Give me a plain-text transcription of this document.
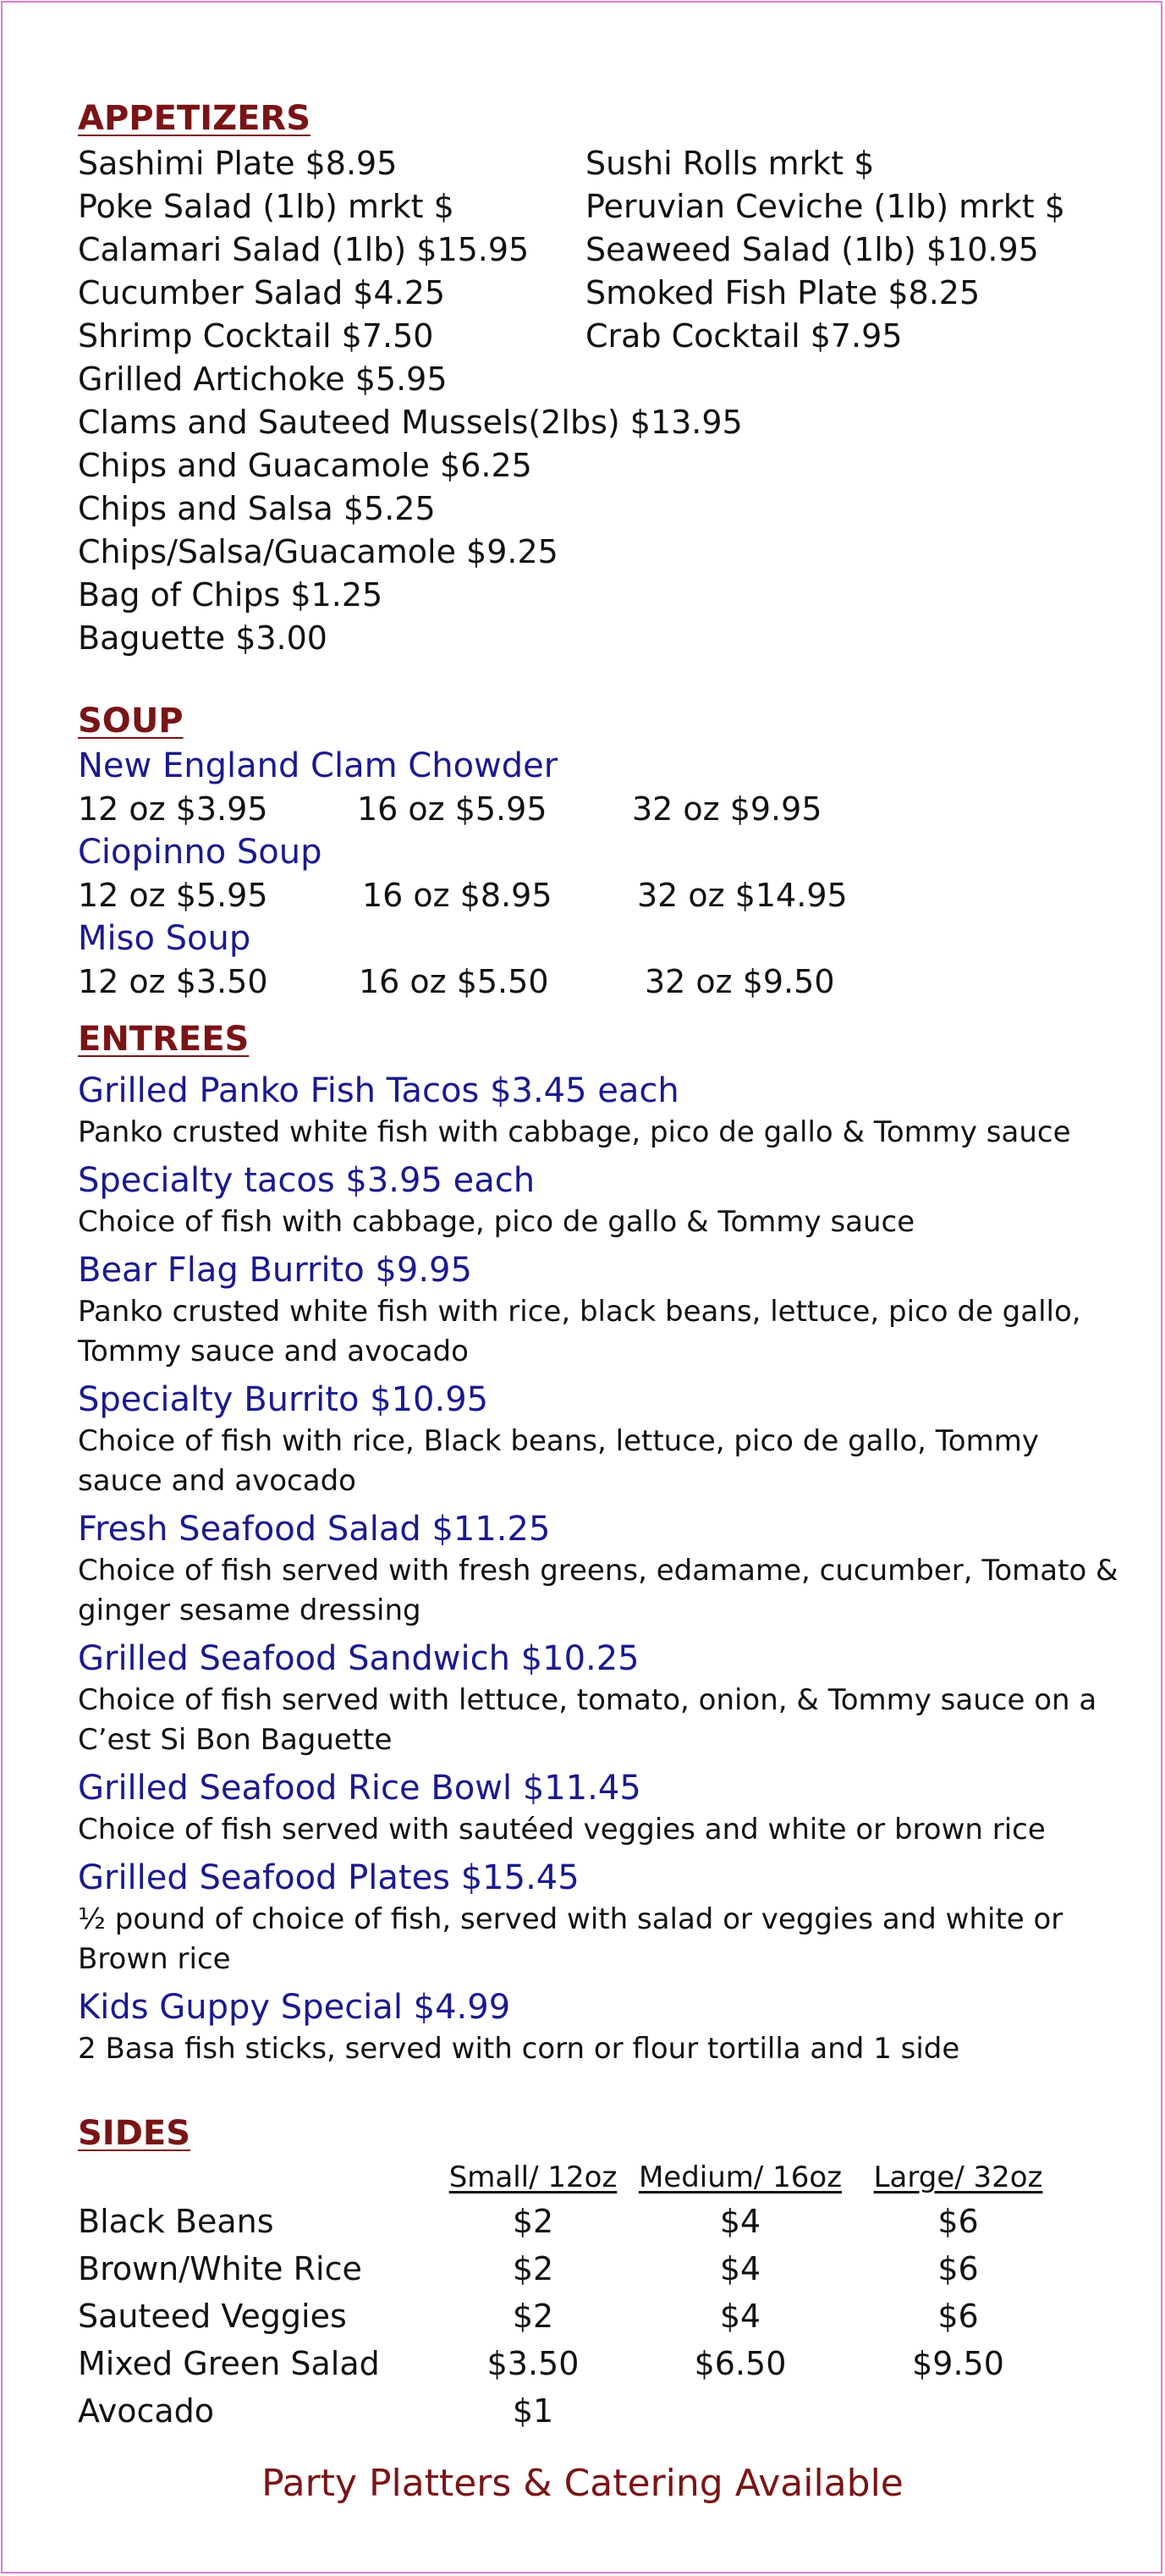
APPETIZERS
Sashimi Plate $8.95	Sushi Rolls mrkt $
Poke Salad (1lb) mrkt $	Peruvian Ceviche (1lb) mrkt $
Calamari Salad (1lb) $15.95	Seaweed Salad (1lb) $10.95
Cucumber Salad $4.25	Smoked Fish Plate $8.25
Shrimp Cocktail $7.50	Crab Cocktail $7.95
Grilled Artichoke $5.95
Clams and Sauteed Mussels(2lbs) $13.95
Chips and Guacamole $6.25
Chips and Salsa $5.25
Chips/Salsa/Guacamole $9.25
Bag of Chips $1.25
Baguette $3.00
SOUP
New England Clam Chowder
12 oz $3.95	16 oz $5.95	32 oz $9.95
Ciopinno Soup
12 oz $5.95	16 oz $8.95	32 oz $14.95
Miso Soup
12 oz $3.50	16 oz $5.50	32 oz $9.50
ENTREES
Grilled Panko Fish Tacos $3.45 each
Panko crusted white fish with cabbage, pico de gallo & Tommy sauce
Specialty tacos $3.95 each
Choice of fish with cabbage, pico de gallo & Tommy sauce
Bear Flag Burrito $9.95
Panko crusted white fish with rice, black beans, lettuce, pico de gallo, Tommy sauce and avocado
Specialty Burrito $10.95
Choice of fish with rice, Black beans, lettuce, pico de gallo, Tommy sauce and avocado
Fresh Seafood Salad $11.25
Choice of fish served with fresh greens, edamame, cucumber, Tomato & ginger sesame dressing
Grilled Seafood Sandwich $10.25
Choice of fish served with lettuce, tomato, onion, & Tommy sauce on a C’est Si Bon Baguette
Grilled Seafood Rice Bowl $11.45
Choice of fish served with sautéed veggies and white or brown rice
Grilled Seafood Plates $15.45
½ pound of choice of fish, served with salad or veggies and white or Brown rice
Kids Guppy Special $4.99
2 Basa fish sticks, served with corn or flour tortilla and 1 side
SIDES
	Small/ 12oz	Medium/ 16oz	Large/ 32oz
Black Beans	$2	$4	$6
Brown/White Rice	$2	$4	$6
Sauteed Veggies	$2	$4	$6
Mixed Green Salad	$3.50	$6.50	$9.50
Avocado	$1		
Party Platters & Catering Available
